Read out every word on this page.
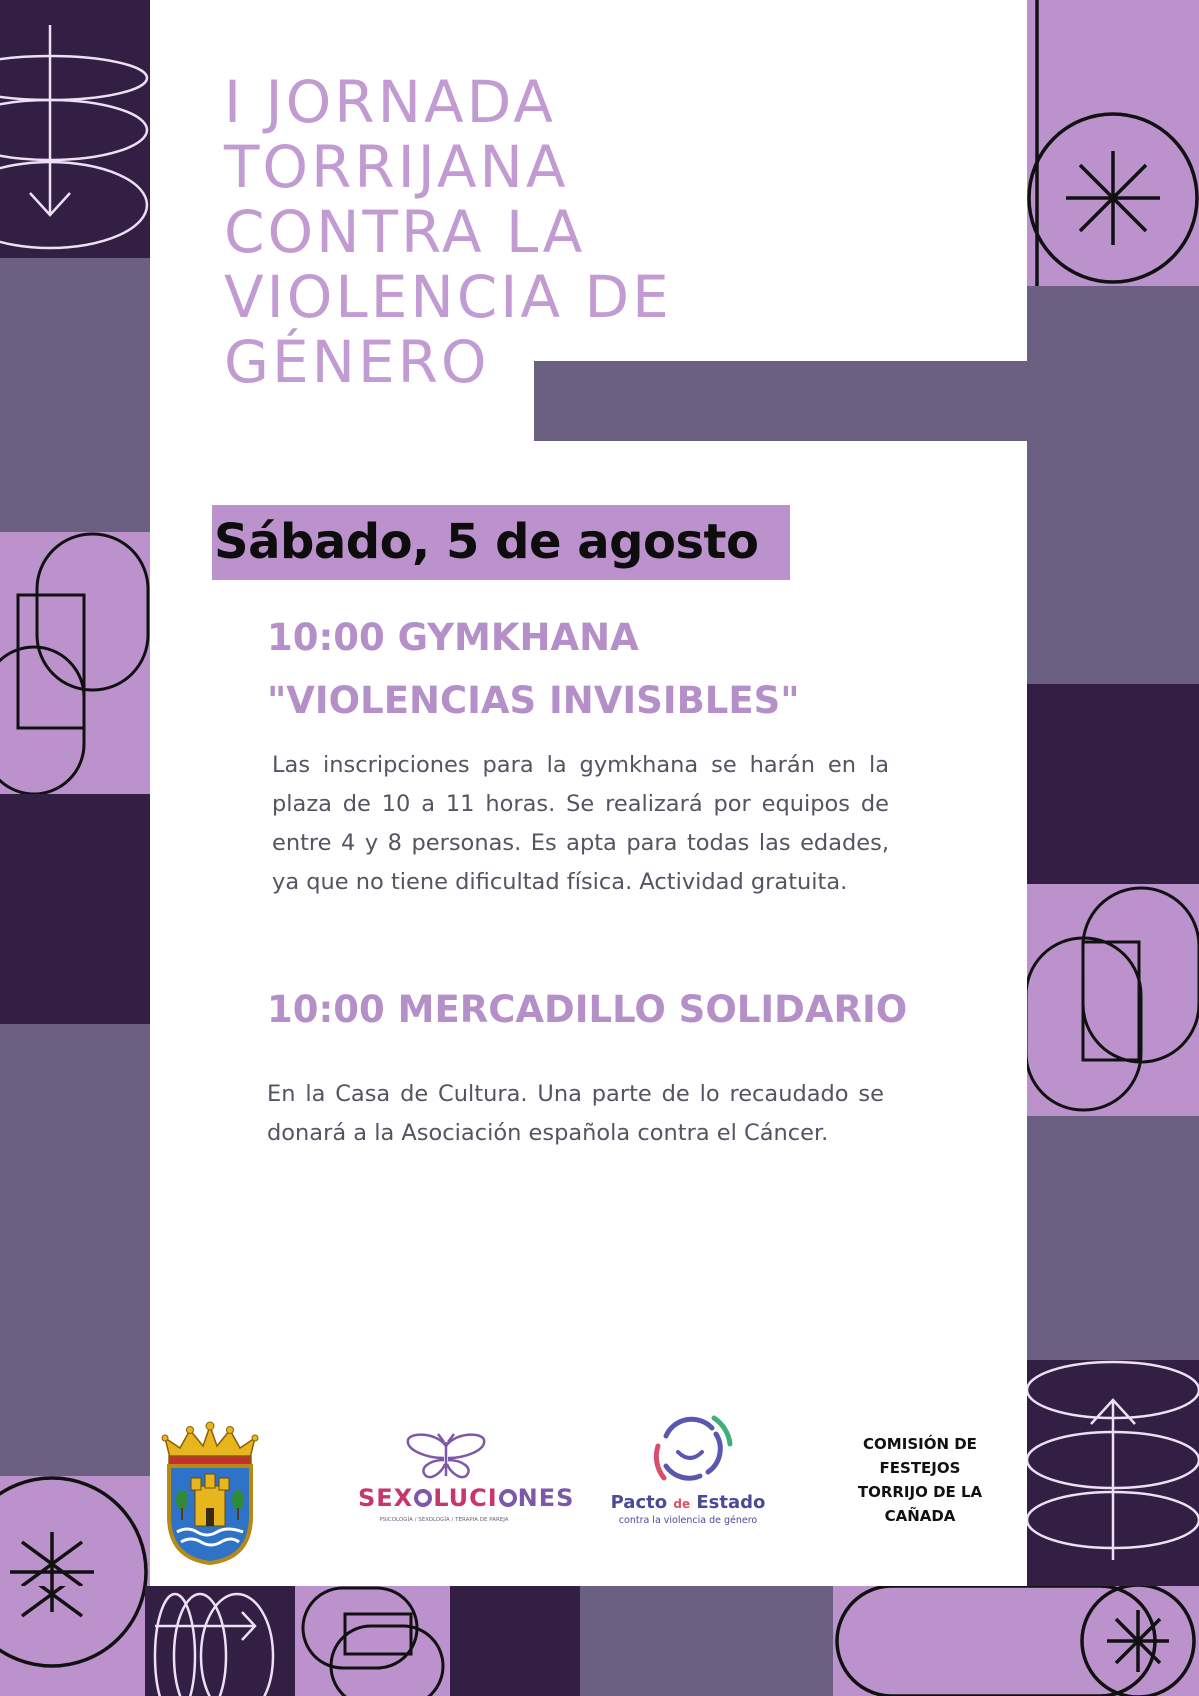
I JORNADA
TORRIJANA
CONTRA LA
VIOLENCIA DE
GÉNERO
Sábado, 5 de agosto
10:00 GYMKHANA
"VIOLENCIAS INVISIBLES"

Las inscripciones para la gymkhana se harán en la plaza de 10 a 11 horas. Se realizará por equipos de entre 4 y 8 personas. Es apta para todas las edades, ya que no tiene dificultad física. Actividad gratuita.

10:00 MERCADILLO SOLIDARIO

En la Casa de Cultura. Una parte de lo recaudado se donará a la Asociación española contra el Cáncer.

SEX LUCI NES
PSICOLOGÍA / SEXOLOGÍA / TERAPIA DE PAREJA
Pacto de Estado
contra la violencia de género
COMISIÓN DE
FESTEJOS
TORRIJO DE LA
CAÑADA
